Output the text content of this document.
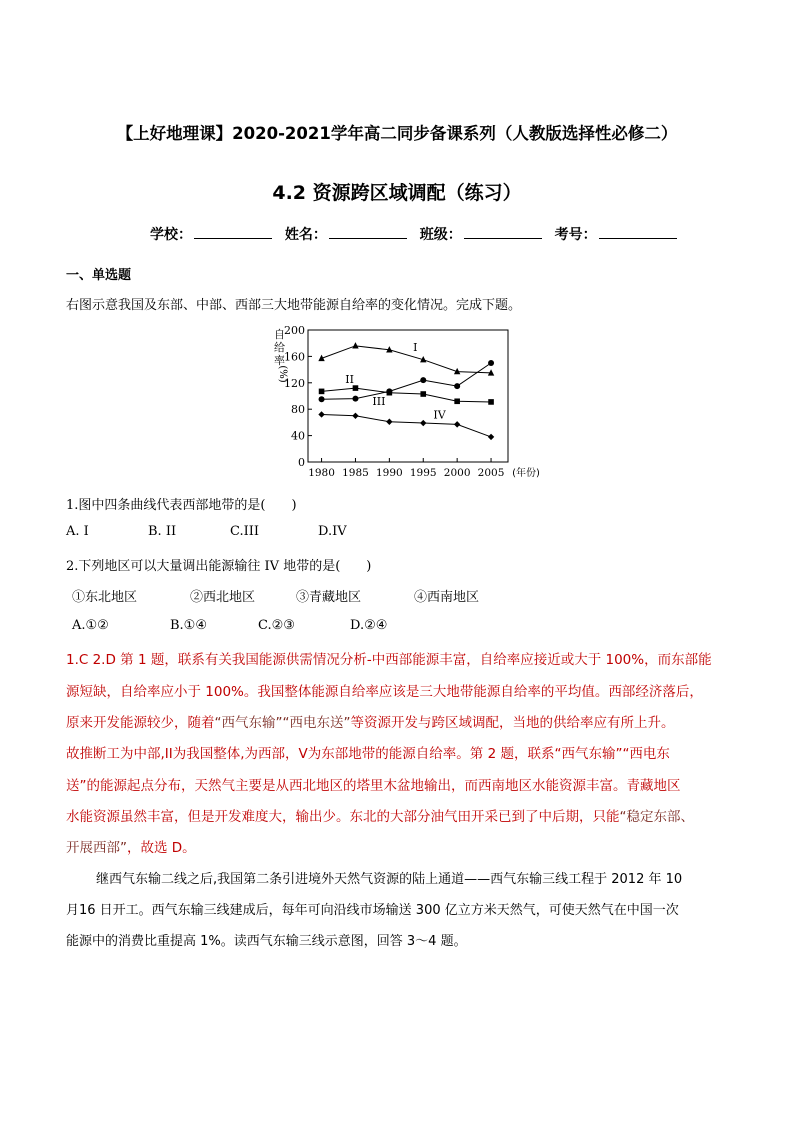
【上好地理课】2020-2021学年高二同步备课系列（人教版选择性必修二）
4.2 资源跨区域调配（练习）
学校：	姓名：	班级：	考号：
一、单选题
右图示意我国及东部、中部、西部三大地带能源自给率的变化情况。完成下题。
0
40
80
120
160
200
自
给
率
(%)
1980 1985 1990 1995 2000 2005 (年份)
I
II
III
IV
1.图中四条曲线代表西部地带的是(　　)
A. I	B. II	C.III	D.IV
2.下列地区可以大量调出能源输往 IV 地带的是(　　)
①东北地区	②西北地区	③青藏地区	④西南地区
A.①②	B.①④	C.②③	D.②④
1.C 2.D 第 1 题，联系有关我国能源供需情况分析-中西部能源丰富，自给率应接近或大于 100%，而东部能
源短缺，自给率应小于 100%。我国整体能源自给率应该是三大地带能源自给率的平均值。西部经济落后，
原来开发能源较少，随着“西气东输”“西电东送”等资源开发与跨区域调配，当地的供给率应有所上升。
故推断工为中部,II为我国整体,为西部，V为东部地带的能源自给率。第 2 题，联系“西气东输”“西电东
送”的能源起点分布，天然气主要是从西北地区的塔里木盆地输出，而西南地区水能资源丰富。青藏地区
水能资源虽然丰富，但是开发难度大，输出少。东北的大部分油气田开采已到了中后期，只能“稳定东部、
开展西部”，故选 D。
继西气东输二线之后,我国第二条引进境外天然气资源的陆上通道——西气东输三线工程于 2012 年 10
月16 日开工。西气东输三线建成后，每年可向沿线市场输送 300 亿立方米天然气，可使天然气在中国一次
能源中的消费比重提高 1%。读西气东输三线示意图，回答 3～4 题。
